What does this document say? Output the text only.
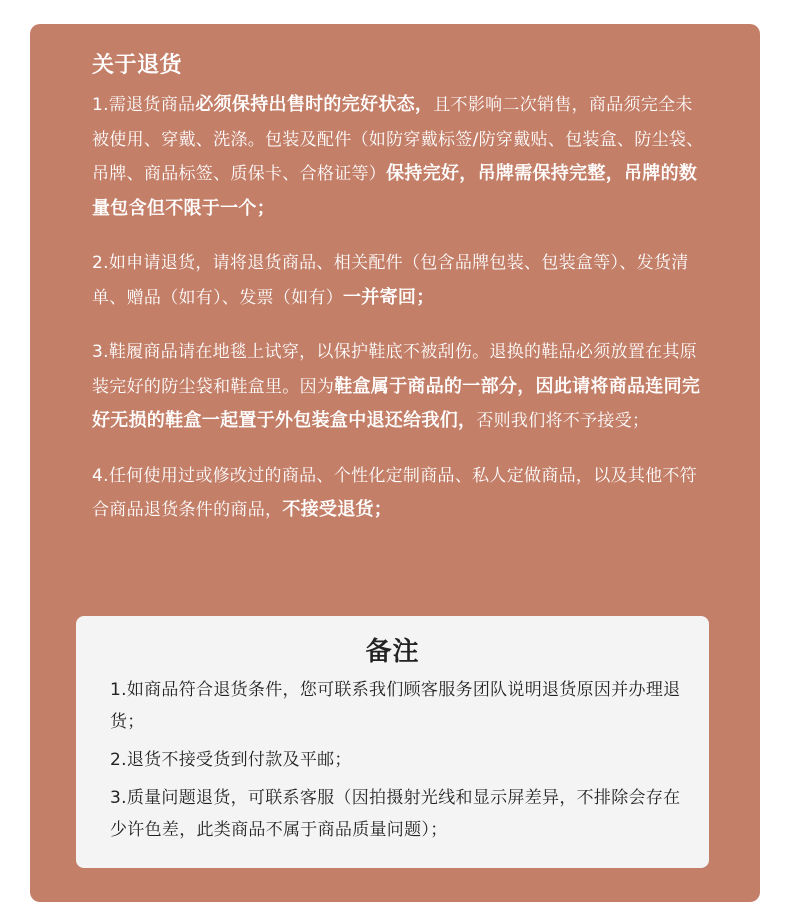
关于退货

1.需退货商品必须保持出售时的完好状态，且不影响二次销售，商品须完全未被使用、穿戴、洗涤。包装及配件（如防穿戴标签/防穿戴贴、包装盒、防尘袋、吊牌、商品标签、质保卡、合格证等）保持完好，吊牌需保持完整，吊牌的数量包含但不限于一个；

2.如申请退货，请将退货商品、相关配件（包含品牌包装、包装盒等）、发货清单、赠品（如有）、发票（如有）一并寄回；

3.鞋履商品请在地毯上试穿，以保护鞋底不被刮伤。退换的鞋品必须放置在其原装完好的防尘袋和鞋盒里。因为鞋盒属于商品的一部分，因此请将商品连同完好无损的鞋盒一起置于外包装盒中退还给我们，否则我们将不予接受；

4.任何使用过或修改过的商品、个性化定制商品、私人定做商品，以及其他不符合商品退货条件的商品，不接受退货；

备注

1.如商品符合退货条件，您可联系我们顾客服务团队说明退货原因并办理退货；

2.退货不接受货到付款及平邮；

3.质量问题退货，可联系客服（因拍摄射光线和显示屏差异，不排除会存在少许色差，此类商品不属于商品质量问题）；
